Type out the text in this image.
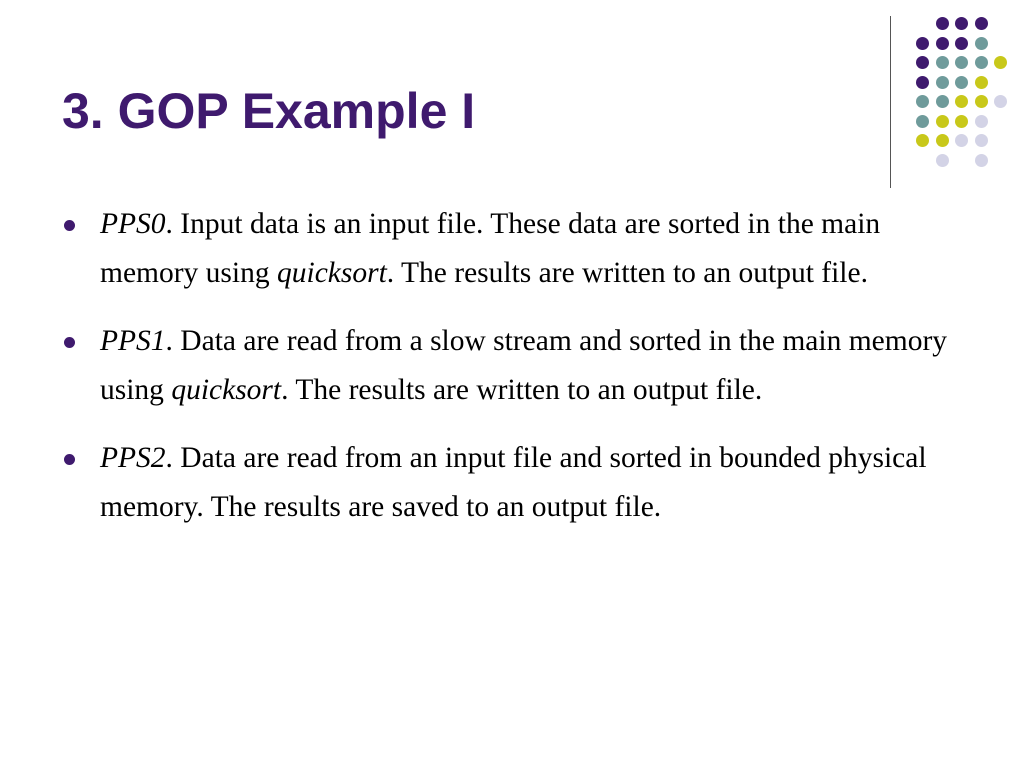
3. GOP Example I
PPS0. Input data is an input file. These data are sorted in the main memory using quicksort. The results are written to an output file.
PPS1. Data are read from a slow stream and sorted in the main memory using quicksort. The results are written to an output file.
PPS2. Data are read from an input file and sorted in bounded physical memory. The results are saved to an output file.
